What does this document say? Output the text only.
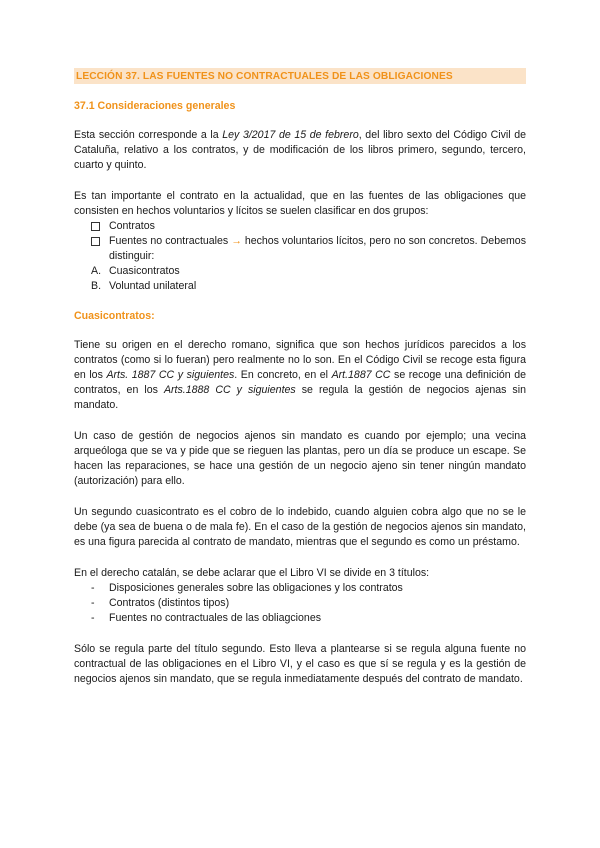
LECCIÓN 37. LAS FUENTES NO CONTRACTUALES DE LAS OBLIGACIONES
37.1 Consideraciones generales

Esta sección corresponde a la Ley 3/2017 de 15 de febrero, del libro sexto del Código Civil de Cataluña, relativo a los contratos, y de modificación de los libros primero, segundo, tercero, cuarto y quinto.

Es tan importante el contrato en la actualidad, que en las fuentes de las obligaciones que consisten en hechos voluntarios y lícitos se suelen clasificar en dos grupos:

Contratos
Fuentes no contractuales → hechos voluntarios lícitos, pero no son concretos. Debemos distinguir:
A. Cuasicontratos
B. Voluntad unilateral
Cuasicontratos:

Tiene su origen en el derecho romano, significa que son hechos jurídicos parecidos a los contratos (como si lo fueran) pero realmente no lo son. En el Código Civil se recoge esta figura en los Arts. 1887 CC y siguientes. En concreto, en el Art.1887 CC se recoge una definición de contratos, en los Arts.1888 CC y siguientes se regula la gestión de negocios ajenas sin mandato.

Un caso de gestión de negocios ajenos sin mandato es cuando por ejemplo; una vecina arqueóloga que se va y pide que se rieguen las plantas, pero un día se produce un escape. Se hacen las reparaciones, se hace una gestión de un negocio ajeno sin tener ningún mandato (autorización) para ello.

Un segundo cuasicontrato es el cobro de lo indebido, cuando alguien cobra algo que no se le debe (ya sea de buena o de mala fe). En el caso de la gestión de negocios ajenos sin mandato, es una figura parecida al contrato de mandato, mientras que el segundo es como un préstamo.

En el derecho catalán, se debe aclarar que el Libro VI se divide en 3 títulos:

- Disposiciones generales sobre las obligaciones y los contratos
- Contratos (distintos tipos)
- Fuentes no contractuales de las obliagciones

Sólo se regula parte del título segundo. Esto lleva a plantearse si se regula alguna fuente no contractual de las obligaciones en el Libro VI, y el caso es que sí se regula y es la gestión de negocios ajenos sin mandato, que se regula inmediatamente después del contrato de mandato.
